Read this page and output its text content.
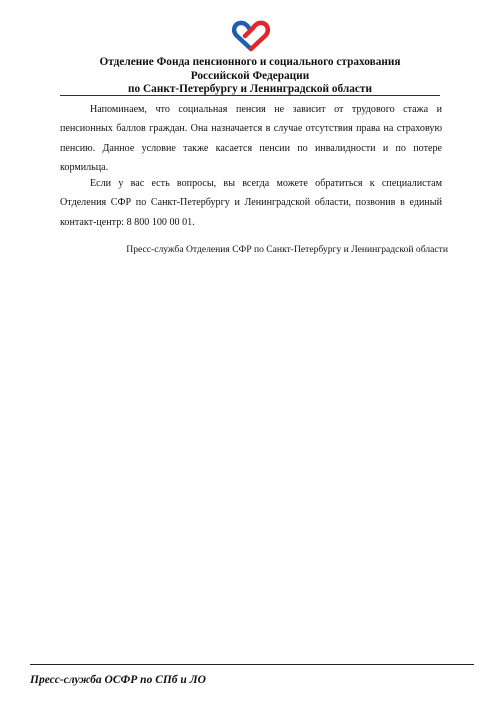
Отделение Фонда пенсионного и социального страхования
Российской Федерации
по Санкт-Петербургу и Ленинградской области

Напоминаем, что социальная пенсия не зависит от трудового стажа и пенсионных баллов граждан. Она назначается в случае отсутствия права на страховую пенсию. Данное условие также касается пенсии по инвалидности и по потере кормильца.

Если у вас есть вопросы, вы всегда можете обратиться к специалистам Отделения СФР по Санкт-Петербургу и Ленинградской области, позвонив в единый контакт-центр: 8 800 100 00 01.

Пресс-служба Отделения СФР по Санкт-Петербургу и Ленинградской области

Пресс-служба ОСФР по СПб и ЛО
